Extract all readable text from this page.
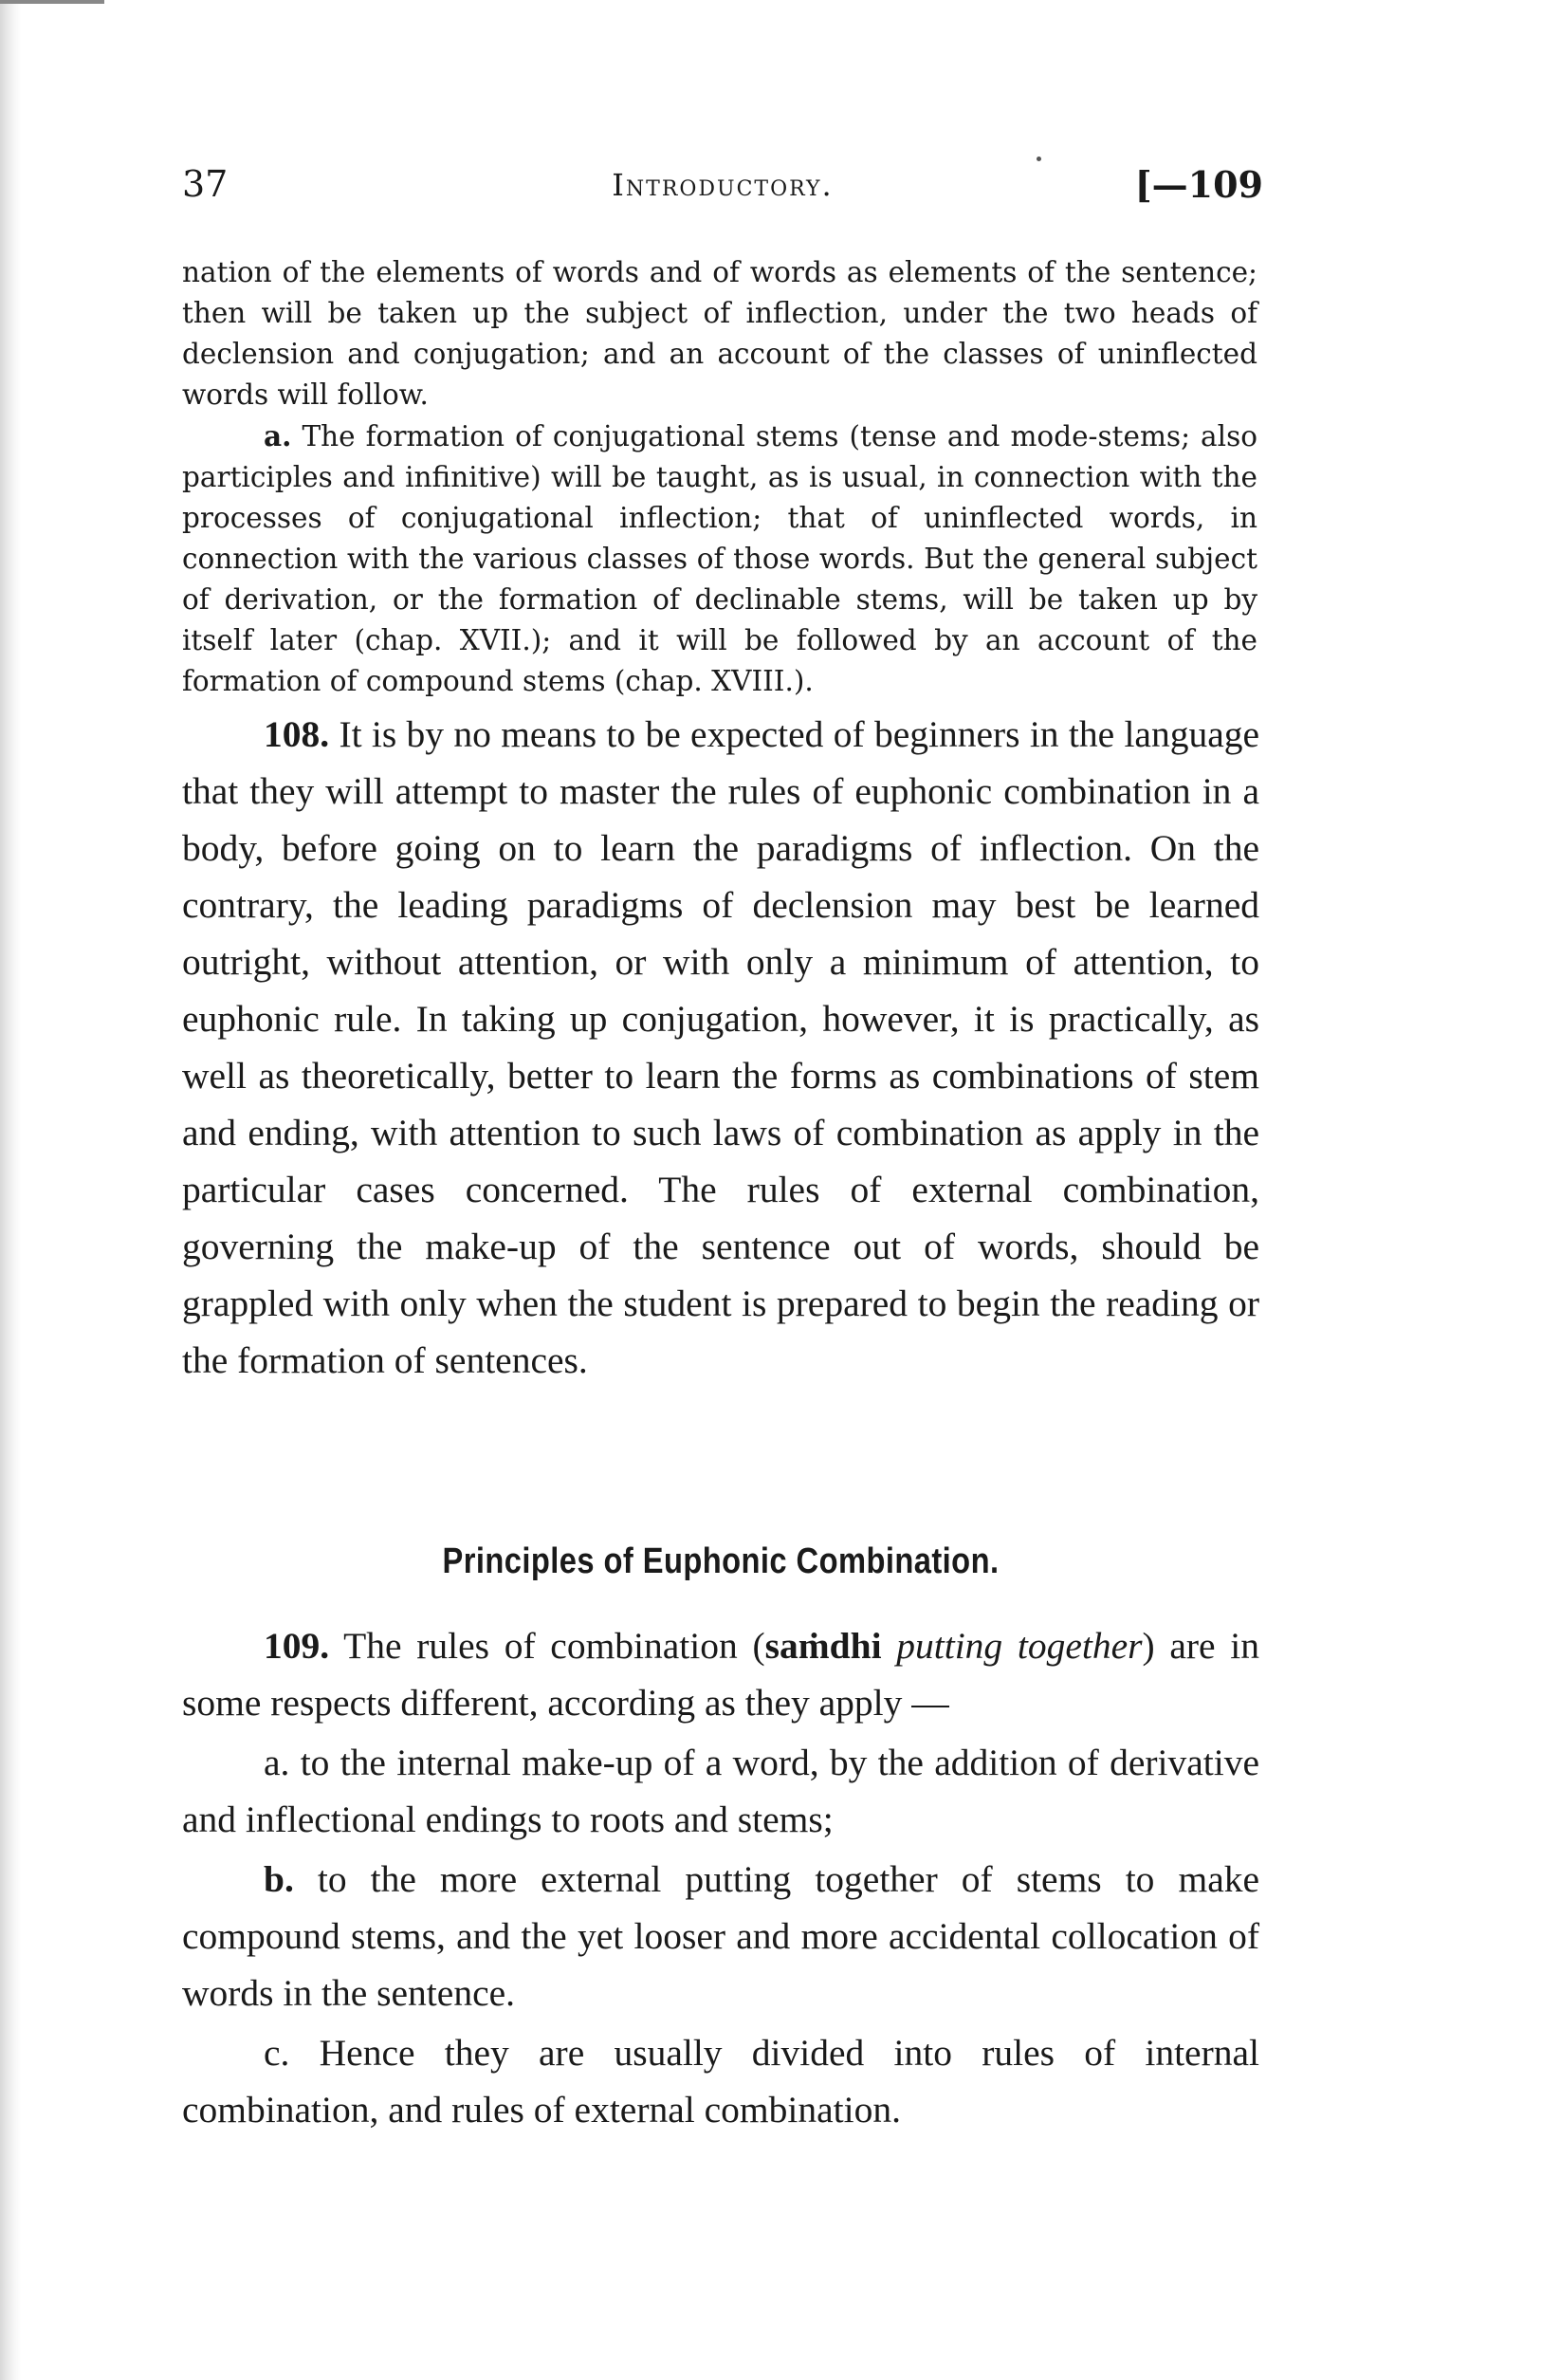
37	Introductory.	[—109

nation of the elements of words and of words as elements of the sentence; then will be taken up the subject of inflection, under the two heads of declension and conjugation; and an account of the classes of uninflected words will follow.

a. The formation of conjugational stems (tense and mode-stems; also participles and infinitive) will be taught, as is usual, in connection with the processes of conjugational inflection; that of uninflected words, in connection with the various classes of those words. But the general subject of derivation, or the formation of declinable stems, will be taken up by itself later (chap. XVII.); and it will be followed by an account of the formation of compound stems (chap. XVIII.).

108. It is by no means to be expected of beginners in the language that they will attempt to master the rules of euphonic combination in a body, before going on to learn the paradigms of inflection. On the contrary, the leading paradigms of declension may best be learned outright, without attention, or with only a minimum of attention, to euphonic rule. In taking up conjugation, however, it is practically, as well as theoretically, better to learn the forms as combinations of stem and ending, with attention to such laws of combination as apply in the particular cases concerned. The rules of external combination, governing the make-up of the sentence out of words, should be grappled with only when the student is prepared to begin the reading or the formation of sentences.

Principles of Euphonic Combination.

109. The rules of combination (saṁdhi putting together) are in some respects different, according as they apply —

a. to the internal make-up of a word, by the addition of derivative and inflectional endings to roots and stems;

b. to the more external putting together of stems to make compound stems, and the yet looser and more accidental collocation of words in the sentence.

c. Hence they are usually divided into rules of internal combination, and rules of external combination.
